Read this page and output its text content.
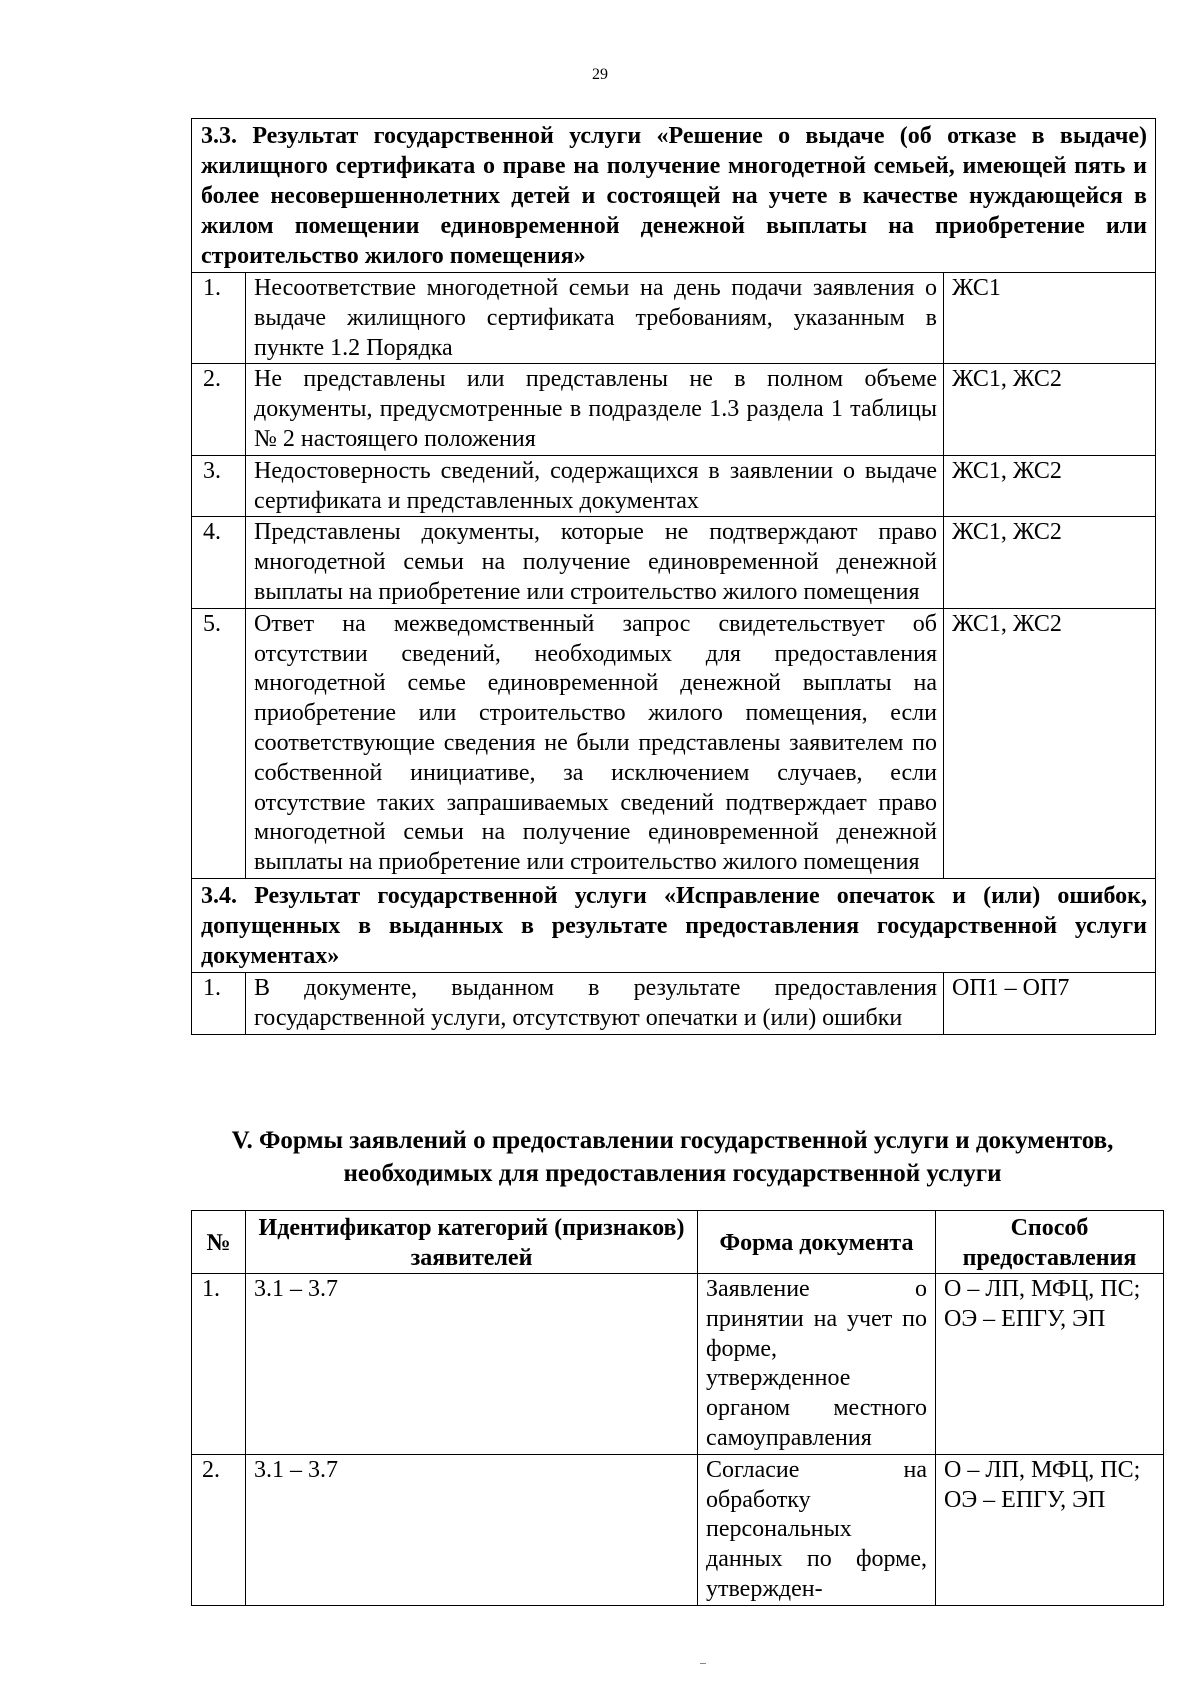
29
3.3. Результат государственной услуги «Решение о выдаче (об отказе в выдаче) жилищного сертификата о праве на получение многодетной семьей, имеющей пять и более несовершеннолетних детей и состоящей на учете в качестве нуждающейся в жилом помещении единовременной денежной выплаты на приобретение или строительство жилого помещения»		
1.	Несоответствие многодетной семьи на день подачи заявления о выдаче жилищного сертификата требованиям, указанным в пункте 1.2 Порядка	ЖС1
2.	Не представлены или представлены не в полном объеме документы, предусмотренные в подразделе 1.3 раздела 1 таблицы № 2 настоящего положения	ЖС1, ЖС2
3.	Недостоверность сведений, содержащихся в заявлении о выдаче сертификата и представленных документах	ЖС1, ЖС2
4.	Представлены документы, которые не подтверждают право многодетной семьи на получение единовременной денежной выплаты на приобретение или строительство жилого помещения	ЖС1, ЖС2
5.	Ответ на межведомственный запрос свидетельствует об отсутствии сведений, необходимых для предоставления многодетной семье единовременной денежной выплаты на приобретение или строительство жилого помещения, если соответствующие сведения не были представлены заявителем по собственной инициативе, за исключением случаев, если отсутствие таких запрашиваемых сведений подтверждает право многодетной семьи на получение единовременной денежной выплаты на приобретение или строительство жилого помещения	ЖС1, ЖС2
3.4. Результат государственной услуги «Исправление опечаток и (или) ошибок, допущенных в выданных в результате предоставления государственной услуги документах»		
1.	В документе, выданном в результате предоставления государственной услуги, отсутствуют опечатки и (или) ошибки	ОП1 – ОП7
V. Формы заявлений о предоставлении государственной услуги и документов,
необходимых для предоставления государственной услуги
№	Идентификатор категорий (признаков) заявителей	Форма документа	Способ предоставления
1.	3.1 – 3.7	Заявление о принятии на учет по форме, утвержденное органом местного самоуправления	О – ЛП, МФЦ, ПС;
ОЭ – ЕПГУ, ЭП

2.	3.1 – 3.7	Согласие на обработку персональных данных по форме, утвержден-	О – ЛП, МФЦ, ПС;
ОЭ – ЕПГУ, ЭП
